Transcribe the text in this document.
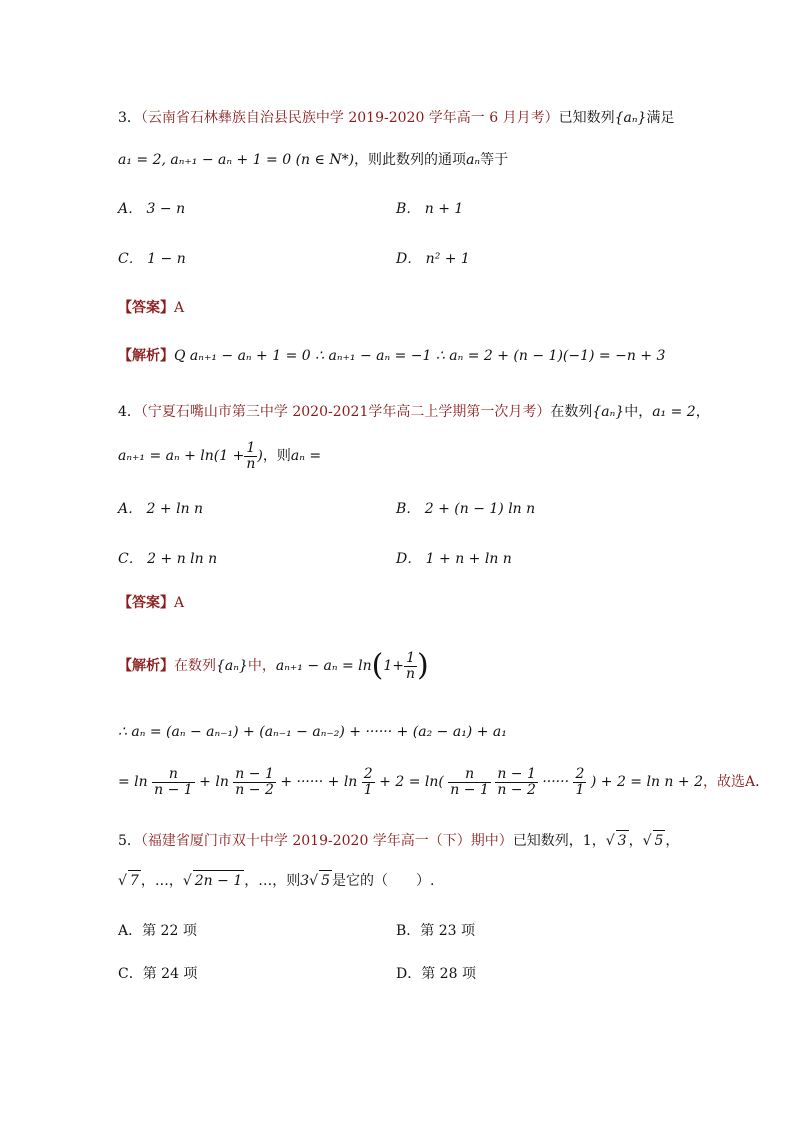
3．（云南省石林彝族自治县民族中学 2019-2020 学年高一 6 月月考）已知数列{aₙ}满足
a₁ = 2, aₙ₊₁ − aₙ + 1 = 0 (n ∈ N*)，则此数列的通项aₙ等于
A． 3 − n	B． n + 1
C． 1 − n	D． n² + 1
【答案】A
【解析】Q aₙ₊₁ − aₙ + 1 = 0 ∴ aₙ₊₁ − aₙ = −1 ∴ aₙ = 2 + (n − 1)(−1) = −n + 3
4．（宁夏石嘴山市第三中学 2020-2021学年高二上学期第一次月考）在数列{aₙ}中，a₁ = 2，
$a_{n+1} = a_n + \ln(1 + \frac{1}{n}$ )，则aₙ =
A． 2 + ln n	B． 2 + (n − 1) ln n
C． 2 + n ln n	D． 1 + n + ln n
【答案】A
【解析】在数列{aₙ}中，$a_{n+1} - a_n = \ln(1+ \frac{1}{n}$ )
∴ aₙ = (aₙ − aₙ₋₁) + (aₙ₋₁ − aₙ₋₂) + ······ + (a₂ − a₁) + a₁
= $\ln \frac{n}{n - 1} + \ln \frac{n - 1}{n - 2}$ + ······ + $\ln \frac{2}{1} + 2 = \ln( \frac{n}{n - 1}$
$\frac{n - 1}{n - 2}$ ······ $\frac{2}{1}$ ) + 2 = ln n + 2，故选A.
5．（福建省厦门市双十中学 2019-2020 学年高一（下）期中）已知数列，1，√ 3 ，√ 5 ，
√ 7 ，…，√ 2n − 1 ，…，则3√ 5 是它的（　　）.
A．第 22 项	B．第 23 项
C．第 24 项	D．第 28 项
